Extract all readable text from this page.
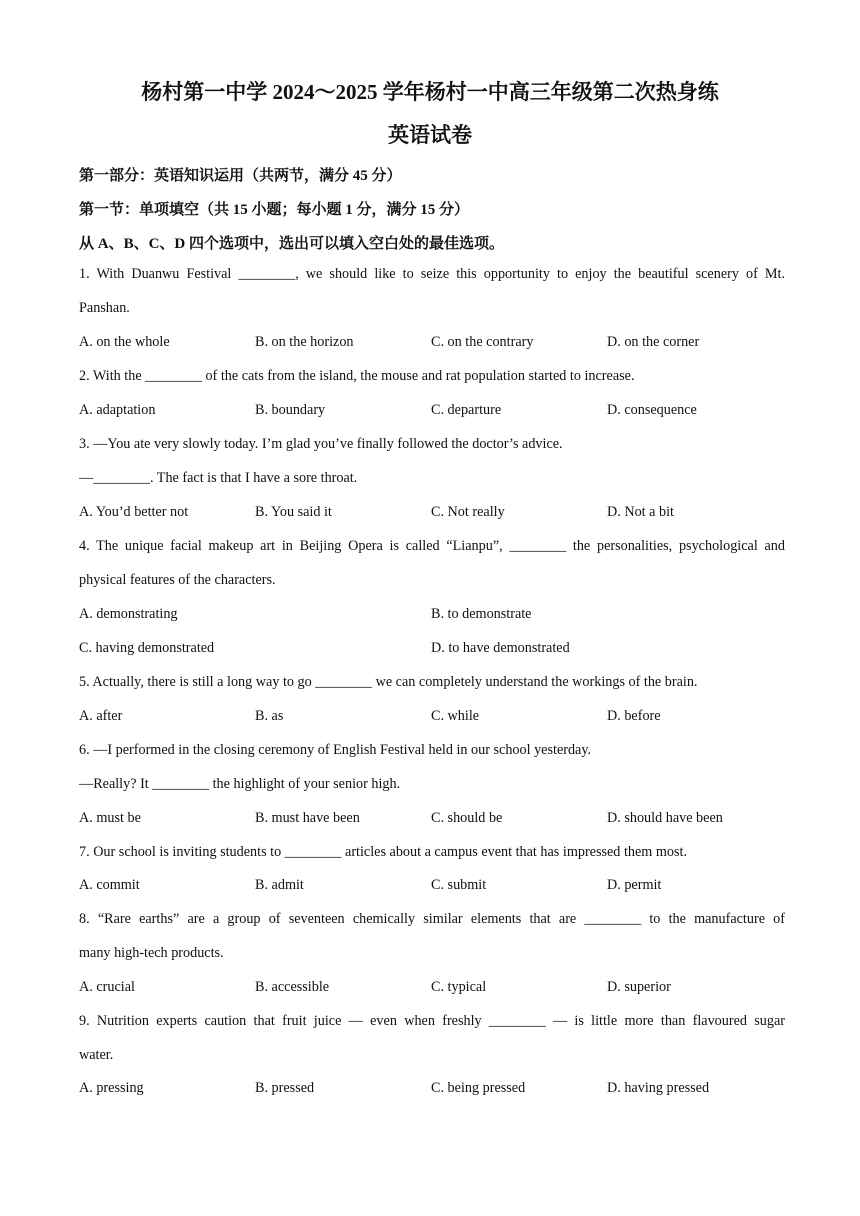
杨村第一中学 2024～2025 学年杨村一中高三年级第二次热身练
英语试卷
第一部分：英语知识运用（共两节，满分 45 分）
第一节：单项填空（共 15 小题；每小题 1 分，满分 15 分）
从 A、B、C、D 四个选项中，选出可以填入空白处的最佳选项。
1. With Duanwu Festival ________, we should like to seize this opportunity to enjoy the beautiful scenery of Mt.
Panshan.
A. on the whole	B. on the horizon	C. on the contrary	D. on the corner
2. With the ________ of the cats from the island, the mouse and rat population started to increase.
A. adaptation	B. boundary	C. departure	D. consequence
3. —You ate very slowly today. I’m glad you’ve finally followed the doctor’s advice.
—________. The fact is that I have a sore throat.
A. You’d better not	B. You said it	C. Not really	D. Not a bit
4. The unique facial makeup art in Beijing Opera is called “Lianpu”, ________ the personalities, psychological and
physical features of the characters.
A. demonstrating	B. to demonstrate
C. having demonstrated	D. to have demonstrated
5. Actually, there is still a long way to go ________ we can completely understand the workings of the brain.
A. after	B. as	C. while	D. before
6. —I performed in the closing ceremony of English Festival held in our school yesterday.
—Really? It ________ the highlight of your senior high.
A. must be	B. must have been	C. should be	D. should have been
7. Our school is inviting students to ________ articles about a campus event that has impressed them most.
A. commit	B. admit	C. submit	D. permit
8. “Rare earths” are a group of seventeen chemically similar elements that are ________ to the manufacture of
many high-tech products.
A. crucial	B. accessible	C. typical	D. superior
9. Nutrition experts caution that fruit juice — even when freshly ________ — is little more than flavoured sugar
water.
A. pressing	B. pressed	C. being pressed	D. having pressed
